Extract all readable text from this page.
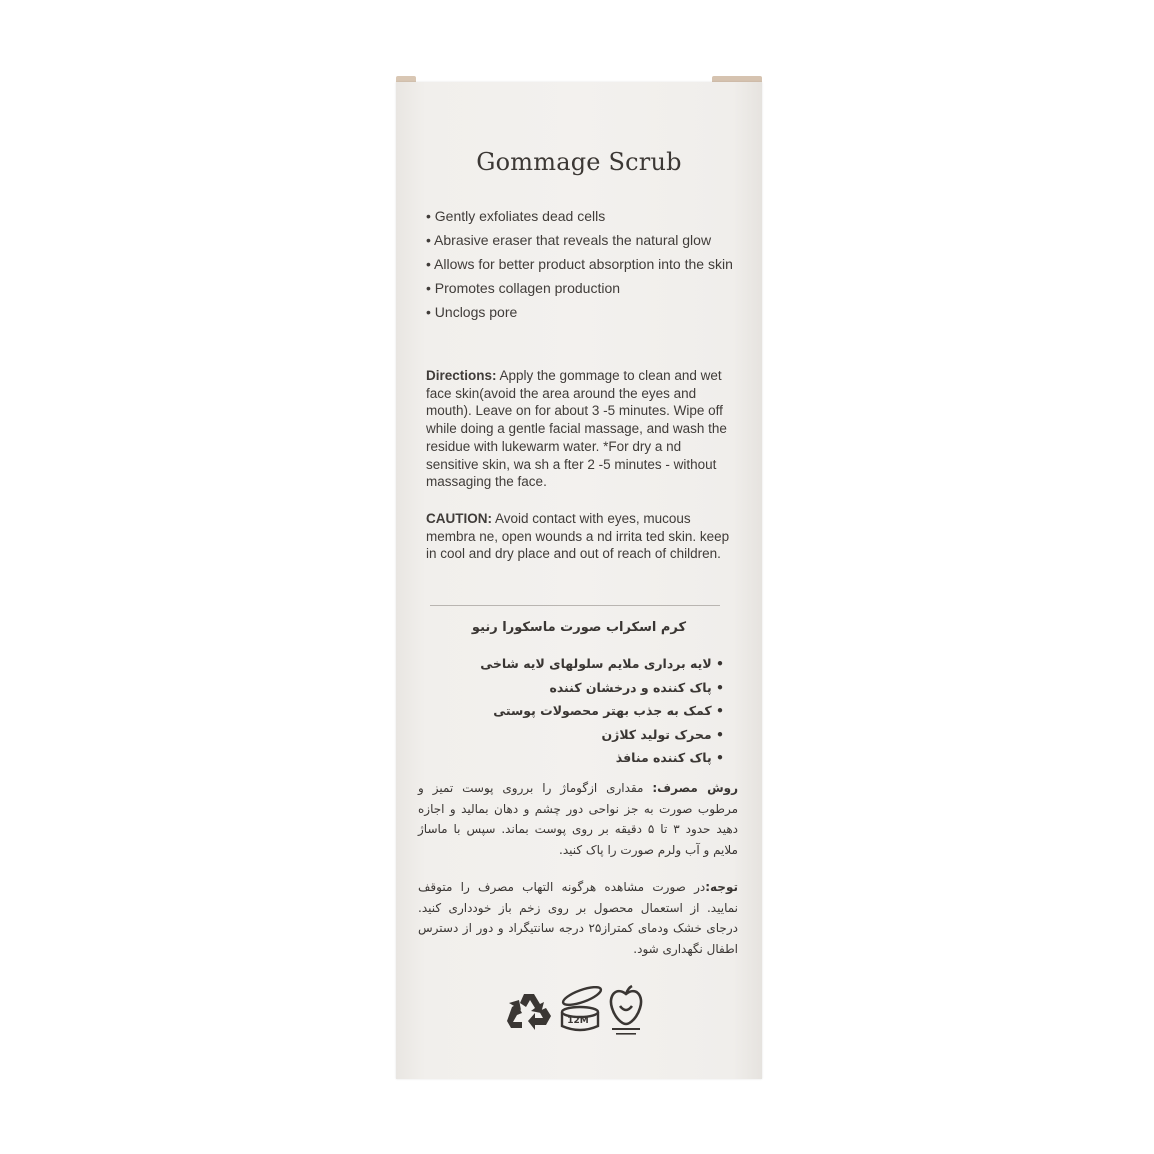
Gommage Scrub
• Gently exfoliates dead cells
• Abrasive eraser that reveals the natural glow
• Allows for better product absorption into the skin
• Promotes collagen production
• Unclogs pore

Directions: Apply the gommage to clean and wet face skin(avoid the area around the eyes and mouth). Leave on for about 3 -5 minutes. Wipe off while doing a gentle facial massage, and wash the residue with lukewarm water. *For dry a nd sensitive skin, wa sh a fter 2 -5 minutes - without massaging the face.

CAUTION: Avoid contact with eyes, mucous membra ne, open wounds a nd irrita ted skin. keep in cool and dry place and out of reach of children.

کرم اسکراب صورت ماسکورا رنیو
• لایه برداری ملایم سلولهای لایه شاخی
• پاک کننده و درخشان کننده
• کمک به جذب بهتر محصولات پوستی
• محرک تولید کلاژن
• پاک کننده منافذ

روش مصرف: مقداری ازگوماژ را برروی پوست تمیز و مرطوب صورت به جز نواحی دور چشم و دهان بمالید و اجازه دهید حدود ۳ تا ۵ دقیقه بر روی پوست بماند. سپس با ماساژ ملایم و آب ولرم صورت را پاک کنید.

توجه:در صورت مشاهده هرگونه التهاب مصرف را متوقف نمایید. از استعمال محصول بر روی زخم باز خودداری کنید. درجای خشک ودمای کمتراز۲۵ درجه سانتیگراد و دور از دسترس اطفال نگهداری شود.

12M
